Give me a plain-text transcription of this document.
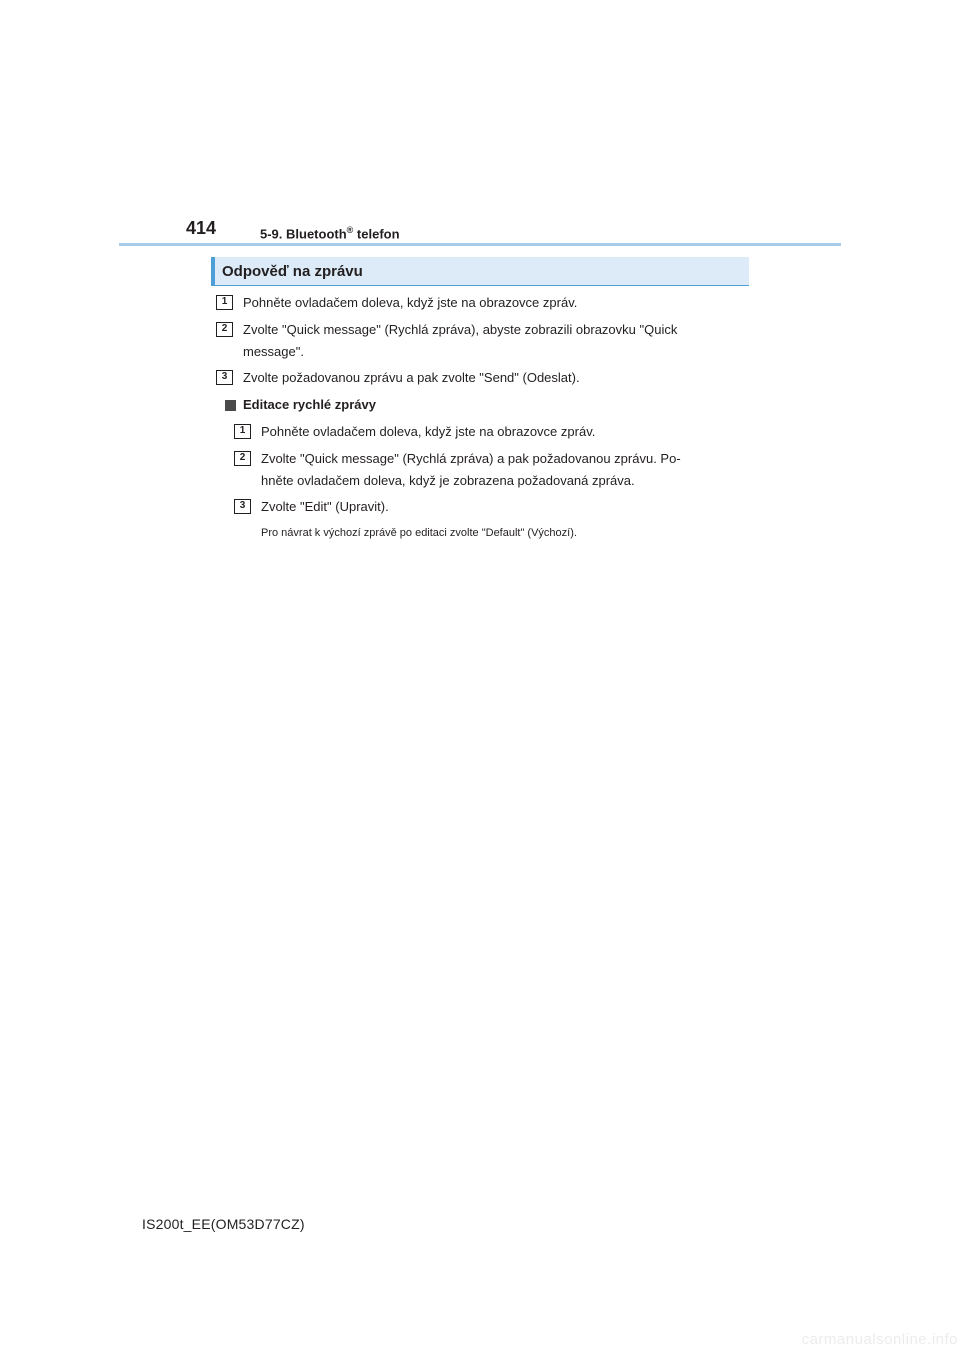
414	5-9. Bluetooth® telefon
Odpověď na zprávu
1	Pohněte ovladačem doleva, když jste na obrazovce zpráv.
2	Zvolte "Quick message" (Rychlá zpráva), abyste zobrazili obrazovku "Quick
message".
3	Zvolte požadovanou zprávu a pak zvolte "Send" (Odeslat).
Editace rychlé zprávy
1	Pohněte ovladačem doleva, když jste na obrazovce zpráv.
2	Zvolte "Quick message" (Rychlá zpráva) a pak požadovanou zprávu. Po-
hněte ovladačem doleva, když je zobrazena požadovaná zpráva.
3	Zvolte "Edit" (Upravit).
Pro návrat k výchozí zprávě po editaci zvolte "Default" (Výchozí).
IS200t_EE(OM53D77CZ)
carmanualsonline.info
